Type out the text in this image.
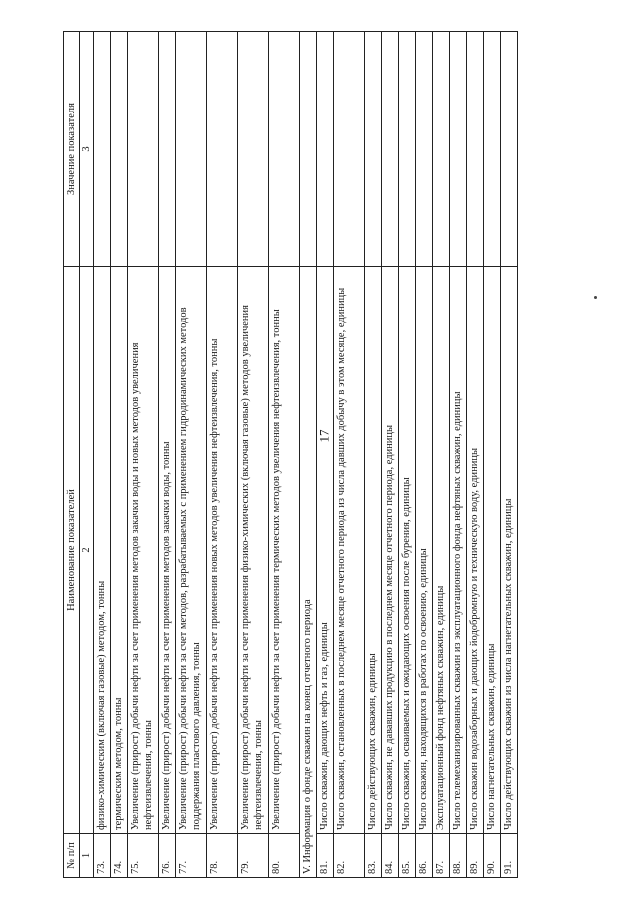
17
№ п/п	Наименование показателей	Значение показателя
1	2	3
73.	физико-химическим (включая газовые) методом, тонны	
74.	термическим методом, тонны	
75.	Увеличение (прирост) добычи нефти за счет применения методов закачки воды и новых методов увеличения нефтеизвлечения, тонны	
76.	Увеличение (прирост) добычи нефти за счет применения методов закачки воды, тонны	
77.	Увеличение (прирост) добычи нефти за счет методов, разрабатываемых с применением гидродинамических методов поддержания пластового давления, тонны	
78.	Увеличение (прирост) добычи нефти за счет применения новых методов увеличения нефтеизвлечения, тонны	
79.	Увеличение (прирост) добычи нефти за счет применения физико-химических (включая газовые) методов увеличения нефтеизвлечения, тонны	
80.	Увеличение (прирост) добычи нефти за счет применения термических методов увеличения нефтеизвлечения, тонны	
V. Информация о фонде скважин на конец отчетного периода		
81.	Число скважин, дающих нефть и газ, единицы	
82.	Число скважин, остановленных в последнем месяце отчетного периода из числа давших добычу в этом месяце, единицы	
83.	Число действующих скважин, единицы	
84.	Число скважин, не дававших продукцию в последнем месяце отчетного периода, единицы	
85.	Число скважин, осваиваемых и ожидающих освоения после бурения, единицы	
86.	Число скважин, находящихся в работах по освоению, единицы	
87.	Эксплуатационный фонд нефтяных скважин, единицы	
88.	Число телемеханизированных скважин из эксплуатационного фонда нефтяных скважин, единицы	
89.	Число скважин водозаборных и дающих йодобромную и техническую воду, единицы	
90.	Число нагнетательных скважин, единицы	
91.	Число действующих скважин из числа нагнетательных скважин, единицы	
